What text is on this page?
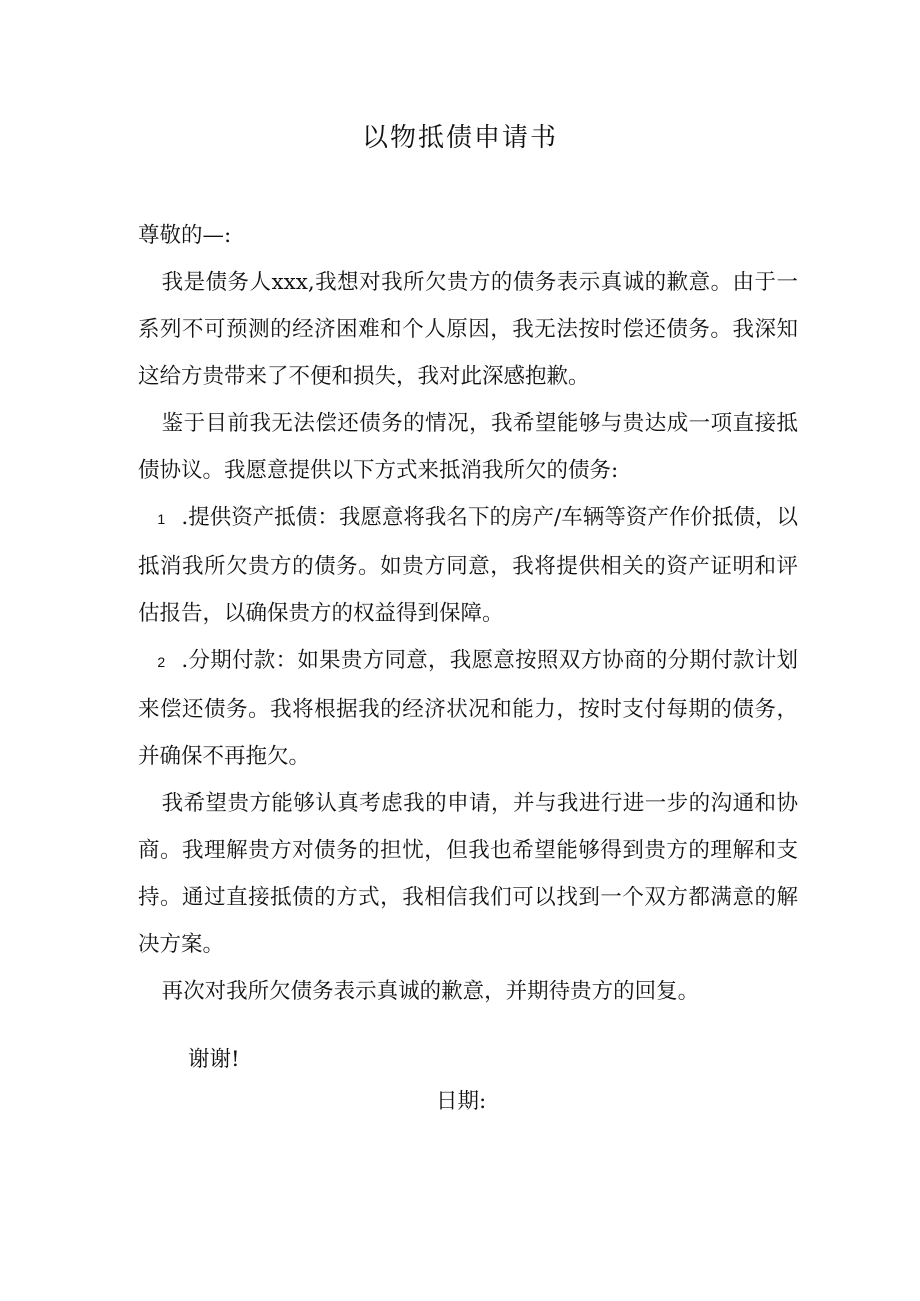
以物抵债申请书

尊敬的—:

我是债务人xxx,我想对我所欠贵方的债务表示真诚的歉意。由于一系列不可预测的经济困难和个人原因，我无法按时偿还债务。我深知这给方贵带来了不便和损失，我对此深感抱歉。

鉴于目前我无法偿还债务的情况，我希望能够与贵达成一项直接抵债协议。我愿意提供以下方式来抵消我所欠的债务:

1 .提供资产抵债：我愿意将我名下的房产/车辆等资产作价抵债，以抵消我所欠贵方的债务。如贵方同意，我将提供相关的资产证明和评估报告，以确保贵方的权益得到保障。

2 .分期付款：如果贵方同意，我愿意按照双方协商的分期付款计划来偿还债务。我将根据我的经济状况和能力，按时支付每期的债务，并确保不再拖欠。

我希望贵方能够认真考虑我的申请，并与我进行进一步的沟通和协商。我理解贵方对债务的担忧，但我也希望能够得到贵方的理解和支持。通过直接抵债的方式，我相信我们可以找到一个双方都满意的解决方案。

再次对我所欠债务表示真诚的歉意，并期待贵方的回复。

谢谢!
日期:
